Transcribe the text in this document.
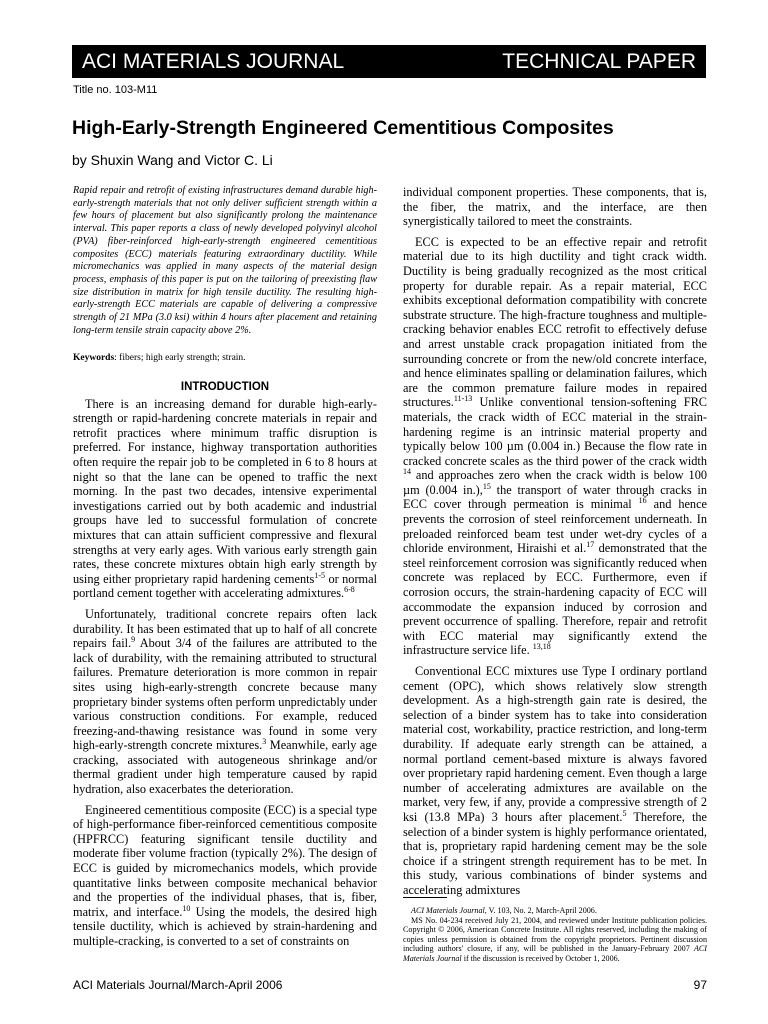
ACI MATERIALS JOURNAL	TECHNICAL PAPER
Title no. 103-M11
High-Early-Strength Engineered Cementitious Composites
by Shuxin Wang and Victor C. Li

Rapid repair and retrofit of existing infrastructures demand durable high-early-strength materials that not only deliver sufficient strength within a few hours of placement but also significantly prolong the maintenance interval. This paper reports a class of newly developed polyvinyl alcohol (PVA) fiber-reinforced high-early-strength engineered cementitious composites (ECC) materials featuring extraordinary ductility. While micromechanics was applied in many aspects of the material design process, emphasis of this paper is put on the tailoring of preexisting flaw size distribution in matrix for high tensile ductility. The resulting high-early-strength ECC materials are capable of delivering a compressive strength of 21 MPa (3.0 ksi) within 4 hours after placement and retaining long-term tensile strain capacity above 2%.

Keywords: fibers; high early strength; strain.

INTRODUCTION

There is an increasing demand for durable high-early-strength or rapid-hardening concrete materials in repair and retrofit practices where minimum traffic disruption is preferred. For instance, highway transportation authorities often require the repair job to be completed in 6 to 8 hours at night so that the lane can be opened to traffic the next morning. In the past two decades, intensive experimental investigations carried out by both academic and industrial groups have led to successful formulation of concrete mixtures that can attain sufficient compressive and flexural strengths at very early ages. With various early strength gain rates, these concrete mixtures obtain high early strength by using either proprietary rapid hardening cements$^{1-5}$ or normal portland cement together with accelerating admixtures.$^{6-8}$

Unfortunately, traditional concrete repairs often lack durability. It has been estimated that up to half of all concrete repairs fail.$^9$ About 3/4 of the failures are attributed to the lack of durability, with the remaining attributed to structural failures. Premature deterioration is more common in repair sites using high-early-strength concrete because many proprietary binder systems often perform unpredictably under various construction conditions. For example, reduced freezing-and-thawing resistance was found in some very high-early-strength concrete mixtures.$^3$ Meanwhile, early age cracking, associated with autogeneous shrinkage and/or thermal gradient under high temperature caused by rapid hydration, also exacerbates the deterioration.

Engineered cementitious composite (ECC) is a special type of high-performance fiber-reinforced cementitious composite (HPFRCC) featuring significant tensile ductility and moderate fiber volume fraction (typically 2%). The design of ECC is guided by micromechanics models, which provide quantitative links between composite mechanical behavior and the properties of the individual phases, that is, fiber, matrix, and interface.$^{10}$ Using the models, the desired high tensile ductility, which is achieved by strain-hardening and multiple-cracking, is converted to a set of constraints on

individual component properties. These components, that is, the fiber, the matrix, and the interface, are then synergistically tailored to meet the constraints.

ECC is expected to be an effective repair and retrofit material due to its high ductility and tight crack width. Ductility is being gradually recognized as the most critical property for durable repair. As a repair material, ECC exhibits exceptional deformation compatibility with concrete substrate structure. The high-fracture toughness and multiple-cracking behavior enables ECC retrofit to effectively defuse and arrest unstable crack propagation initiated from the surrounding concrete or from the new/old concrete interface, and hence eliminates spalling or delamination failures, which are the common premature failure modes in repaired structures.$^{11-13}$ Unlike conventional tension-softening FRC materials, the crack width of ECC material in the strain-hardening regime is an intrinsic material property and typically below 100 µm (0.004 in.) Because the flow rate in cracked concrete scales as the third power of the crack width $^{14}$ and approaches zero when the crack width is below 100 µm (0.004 in.),$^{15}$ the transport of water through cracks in ECC cover through permeation is minimal $^{16}$ and hence prevents the corrosion of steel reinforcement underneath. In preloaded reinforced beam test under wet-dry cycles of a chloride environment, Hiraishi et al.$^{17}$ demonstrated that the steel reinforcement corrosion was significantly reduced when concrete was replaced by ECC. Furthermore, even if corrosion occurs, the strain-hardening capacity of ECC will accommodate the expansion induced by corrosion and prevent occurrence of spalling. Therefore, repair and retrofit with ECC material may significantly extend the infrastructure service life. $^{13,18}$

Conventional ECC mixtures use Type I ordinary portland cement (OPC), which shows relatively slow strength development. As a high-strength gain rate is desired, the selection of a binder system has to take into consideration material cost, workability, practice restriction, and long-term durability. If adequate early strength can be attained, a normal portland cement-based mixture is always favored over proprietary rapid hardening cement. Even though a large number of accelerating admixtures are available on the market, very few, if any, provide a compressive strength of 2 ksi (13.8 MPa) 3 hours after placement.$^5$ Therefore, the selection of a binder system is highly performance orientated, that is, proprietary rapid hardening cement may be the sole choice if a stringent strength requirement has to be met. In this study, various combinations of binder systems and accelerating admixtures

ACI Materials Journal, V. 103, No. 2, March-April 2006.

MS No. 04-234 received July 21, 2004, and reviewed under Institute publication policies. Copyright © 2006, American Concrete Institute. All rights reserved, including the making of copies unless permission is obtained from the copyright proprietors. Pertinent discussion including authors' closure, if any, will be published in the January-February 2007 ACI Materials Journal if the discussion is received by October 1, 2006.

ACI Materials Journal/March-April 2006	97
